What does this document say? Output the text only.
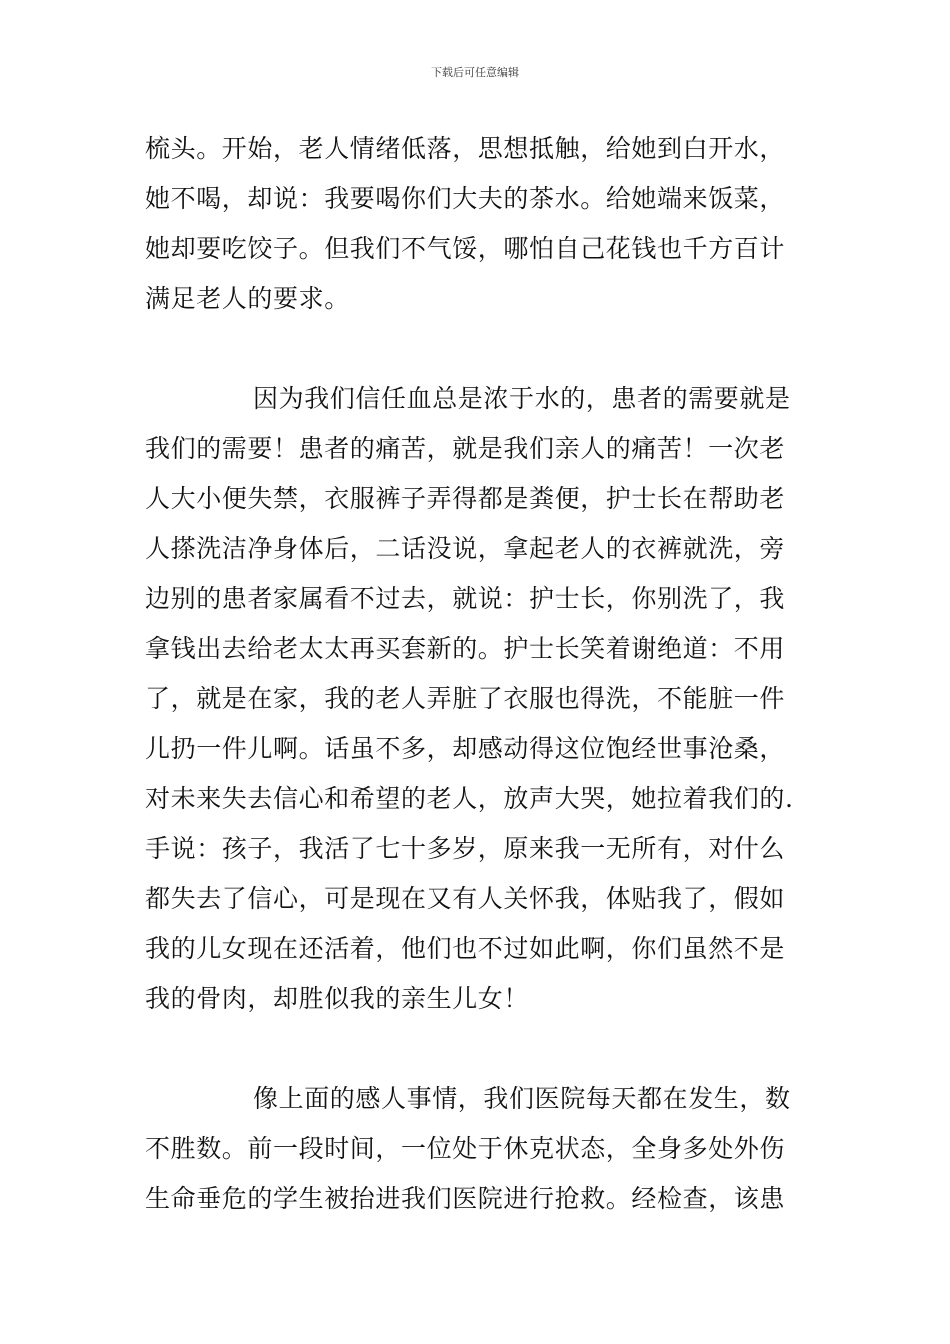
下载后可任意编辑
梳头。开始，老人情绪低落，思想抵触，给她到白开水，
她不喝，却说：我要喝你们大夫的茶水。给她端来饭菜，
她却要吃饺子。但我们不气馁，哪怕自己花钱也千方百计
满足老人的要求。
因为我们信任血总是浓于水的，患者的需要就是
我们的需要！患者的痛苦，就是我们亲人的痛苦！一次老
人大小便失禁，衣服裤子弄得都是粪便，护士长在帮助老
人搽洗洁净身体后，二话没说，拿起老人的衣裤就洗，旁
边别的患者家属看不过去，就说：护士长，你别洗了，我
拿钱出去给老太太再买套新的。护士长笑着谢绝道：不用
了，就是在家，我的老人弄脏了衣服也得洗，不能脏一件
儿扔一件儿啊。话虽不多，却感动得这位饱经世事沧桑，
对未来失去信心和希望的老人，放声大哭，她拉着我们的.
手说：孩子，我活了七十多岁，原来我一无所有，对什么
都失去了信心，可是现在又有人关怀我，体贴我了，假如
我的儿女现在还活着，他们也不过如此啊，你们虽然不是
我的骨肉，却胜似我的亲生儿女！
像上面的感人事情，我们医院每天都在发生，数
不胜数。前一段时间，一位处于休克状态，全身多处外伤
生命垂危的学生被抬进我们医院进行抢救。经检查，该患
